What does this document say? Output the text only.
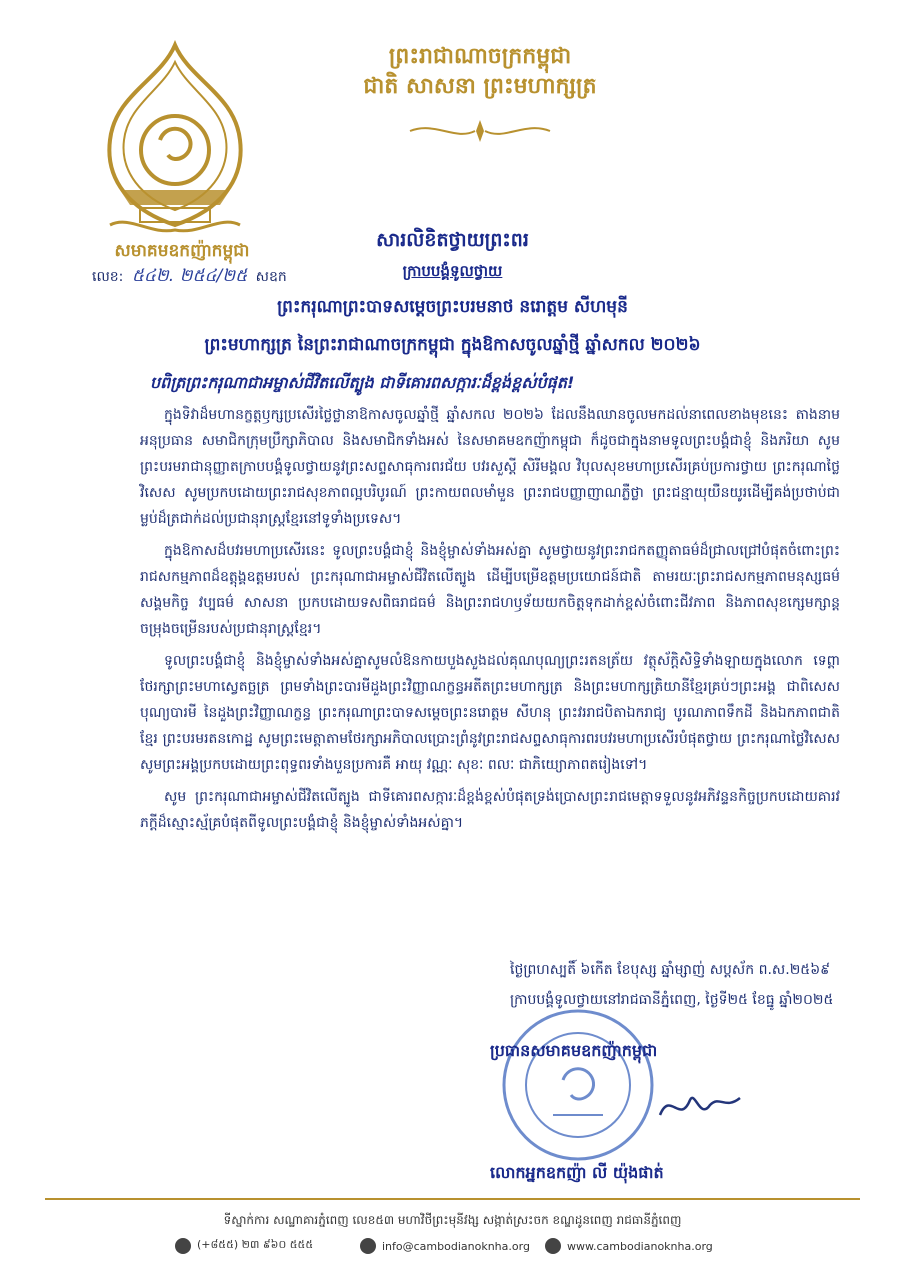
សមាគមឧកញ៉ាកម្ពុជា
លេខ: ៥៤២. ២៥៤/២៥ សឧក
ព្រះរាជាណាចក្រកម្ពុជា
ជាតិ សាសនា ព្រះមហាក្សត្រ
សារលិខិតថ្វាយព្រះពរ
ក្រាបបង្គំទូលថ្វាយ
ព្រះករុណាព្រះបាទសម្តេចព្រះបរមនាថ នរោត្តម សីហមុនី
ព្រះមហាក្សត្រ នៃព្រះរាជាណាចក្រកម្ពុជា ក្នុងឱកាសចូលឆ្នាំថ្មី ឆ្នាំសកល ២០២៦
បពិត្រព្រះករុណាជាអម្ចាស់ជីវិតលើត្បូង ជាទីគោរពសក្ការៈដ៏ខ្ពង់ខ្ពស់បំផុត!

ក្នុងទិវាដ៏មហានក្ខត្តឫក្សប្រសើរថ្លៃថ្លានាឱកាសចូលឆ្នាំថ្មី ឆ្នាំសកល ២០២៦ ដែលនឹងឈានចូលមកដល់នាពេលខាងមុខនេះ តាងនាមអនុប្រធាន សមាជិកក្រុមប្រឹក្សាភិបាល និងសមាជិកទាំងអស់ នៃសមាគមឧកញ៉ាកម្ពុជា ក៏ដូចជាក្នុងនាមទូលព្រះបង្គំជាខ្ញុំ និងភរិយា សូមព្រះបរមរាជានុញ្ញាតក្រាបបង្គំទូលថ្វាយនូវព្រះសព្ទសាធុការពរជ័យ បវរសួស្តី សិរីមង្គល វិបុលសុខមហាប្រសើរគ្រប់ប្រការថ្វាយ ព្រះករុណាថ្លៃវិសេស សូមប្រកបដោយព្រះរាជសុខភាពល្អបរិបូរណ៍ ព្រះកាយពលមាំមួន ព្រះរាជបញ្ញាញាណភ្លឺថ្លា ព្រះជន្មាយុយឺនយូរដើម្បីគង់ប្រថាប់ជាម្លប់ដ៏ត្រជាក់ដល់ប្រជានុរាស្ត្រខ្មែរនៅទូទាំងប្រទេស។

ក្នុងឱកាសដ៏បវរមហាប្រសើរនេះ ទូលព្រះបង្គំជាខ្ញុំ និងខ្ញុំម្ចាស់ទាំងអស់គ្នា សូមថ្វាយនូវព្រះរាជកតញ្ញុតាធម៌ដ៏ជ្រាលជ្រៅបំផុតចំពោះព្រះរាជសកម្មភាពដ៏ឧត្តុង្គឧត្តមរបស់ ព្រះករុណាជាអម្ចាស់ជីវិតលើត្បូង ដើម្បីបម្រើឧត្តមប្រយោជន៍ជាតិ តាមរយៈព្រះរាជសកម្មភាពមនុស្សធម៌ សង្គមកិច្ច វប្បធម៌ សាសនា ប្រកបដោយទសពិធរាជធម៌ និងព្រះរាជហឫទ័យយកចិត្តទុកដាក់ខ្ពស់ចំពោះជីវភាព និងភាពសុខក្សេមក្សាន្តចម្រុងចម្រើនរបស់ប្រជានុរាស្ត្រខ្មែរ។

ទូលព្រះបង្គំជាខ្ញុំ និងខ្ញុំម្ចាស់ទាំងអស់គ្នាសូមលំឱនកាយបួងសួងដល់គុណបុណ្យព្រះរតនត្រ័យ វត្ថុស័ក្តិសិទ្ធិទាំងឡាយក្នុងលោក ទេព្តាថែរក្សាព្រះមហាស្វេតច្ឆត្រ ព្រមទាំងព្រះបារមីដួងព្រះវិញ្ញាណក្ខន្ធអតីតព្រះមហាក្សត្រ និងព្រះមហាក្សត្រិយានីខ្មែរគ្រប់ៗព្រះអង្គ ជាពិសេសបុណ្យបារមី នៃដួងព្រះវិញ្ញាណក្ខន្ធ ព្រះករុណាព្រះបាទសម្តេចព្រះនរោត្តម សីហនុ ព្រះវររាជបិតាឯករាជ្យ បូរណភាពទឹកដី និងឯកភាពជាតិខ្មែរ ព្រះបរមរតនកោដ្ឋ សូមព្រះមេត្តាតាមថែរក្សាអភិបាលប្រោះព្រំនូវព្រះរាជសព្ទសាធុការពរបវរមហាប្រសើរបំផុតថ្វាយ ព្រះករុណាថ្លៃវិសេស សូមព្រះអង្គប្រកបដោយព្រះពុទ្ធពរទាំងបួនប្រការគឺ អាយុ វណ្ណៈ សុខៈ ពលៈ ជាភិយ្យោភាពតរៀងទៅ។

សូម ព្រះករុណាជាអម្ចាស់ជីវិតលើត្បូង ជាទីគោរពសក្ការៈដ៏ខ្ពង់ខ្ពស់បំផុតទ្រង់ប្រោសព្រះរាជមេត្តាទទួលនូវអភិវន្ទនកិច្ចប្រកបដោយគារវភក្តីដ៏ស្មោះស្ម័គ្របំផុតពីទូលព្រះបង្គំជាខ្ញុំ និងខ្ញុំម្ចាស់ទាំងអស់គ្នា។

ថ្ងៃព្រហស្បតិ៍ ៦កើត ខែបុស្ស ឆ្នាំម្សាញ់ សប្តស័ក ព.ស.២៥៦៩
ក្រាបបង្គំទូលថ្វាយនៅរាជធានីភ្នំពេញ, ថ្ងៃទី២៥ ខែធ្នូ ឆ្នាំ២០២៥
ប្រធានសមាគមឧកញ៉ាកម្ពុជា
លោកអ្នកឧកញ៉ា លី យ៉ុងផាត់
ទីស្នាក់ការ សណ្ឋាគារភ្នំពេញ លេខ៥៣ មហាវិថីព្រះមុនីវង្ស សង្កាត់ស្រះចក ខណ្ឌដូនពេញ រាជធានីភ្នំពេញ
(+៨៥៥) ២៣ ៩៦០ ៥៥៥	info@cambodianoknha.org	www.cambodianoknha.org
